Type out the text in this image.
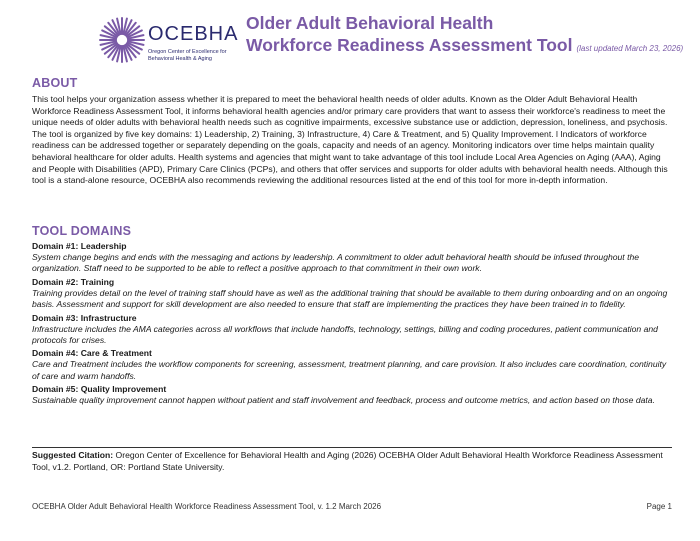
OCEBHA
Oregon Center of Excellence for Behavioral Health & Aging
Older Adult Behavioral Health
Workforce Readiness Assessment Tool (last updated March 23, 2026)
ABOUT
This tool helps your organization assess whether it is prepared to meet the behavioral health needs of older adults. Known as the Older Adult Behavioral Health Workforce Readiness Assessment Tool, it informs behavioral health agencies and/or primary care providers that want to assess their workforce's readiness to meet the unique needs of older adults with behavioral health needs such as cognitive impairments, excessive substance use or addiction, depression, loneliness, and psychosis. The tool is organized by five key domains: 1) Leadership, 2) Training, 3) Infrastructure, 4) Care & Treatment, and 5) Quality Improvement. l Indicators of workforce readiness can be addressed together or separately depending on the goals, capacity and needs of an agency. Monitoring indicators over time helps maintain quality behavioral healthcare for older adults. Health systems and agencies that might want to take advantage of this tool include Local Area Agencies on Aging (AAA), Aging and People with Disabilities (APD), Primary Care Clinics (PCPs), and others that offer services and supports for older adults with behavioral health needs. Although this tool is a stand-alone resource, OCEBHA also recommends reviewing the additional resources listed at the end of this tool for more in-depth information.
TOOL DOMAINS
Domain #1: Leadership
System change begins and ends with the messaging and actions by leadership. A commitment to older adult behavioral health should be infused throughout the organization. Staff need to be supported to be able to reflect a positive approach to that commitment in their own work.
Domain #2: Training
Training provides detail on the level of training staff should have as well as the additional training that should be available to them during onboarding and on an ongoing basis. Assessment and support for skill development are also needed to ensure that staff are implementing the practices they have been trained in to fidelity.
Domain #3: Infrastructure
Infrastructure includes the AMA categories across all workflows that include handoffs, technology, settings, billing and coding procedures, patient communication and protocols for crises.
Domain #4: Care & Treatment
Care and Treatment includes the workflow components for screening, assessment, treatment planning, and care provision. It also includes care coordination, continuity of care and warm handoffs.
Domain #5: Quality Improvement
Sustainable quality improvement cannot happen without patient and staff involvement and feedback, process and outcome metrics, and action based on those data.
Suggested Citation: Oregon Center of Excellence for Behavioral Health and Aging (2026) OCEBHA Older Adult Behavioral Health Workforce Readiness Assessment Tool, v1.2. Portland, OR: Portland State University.
OCEBHA Older Adult Behavioral Health Workforce Readiness Assessment Tool, v. 1.2 March 2026	Page 1
